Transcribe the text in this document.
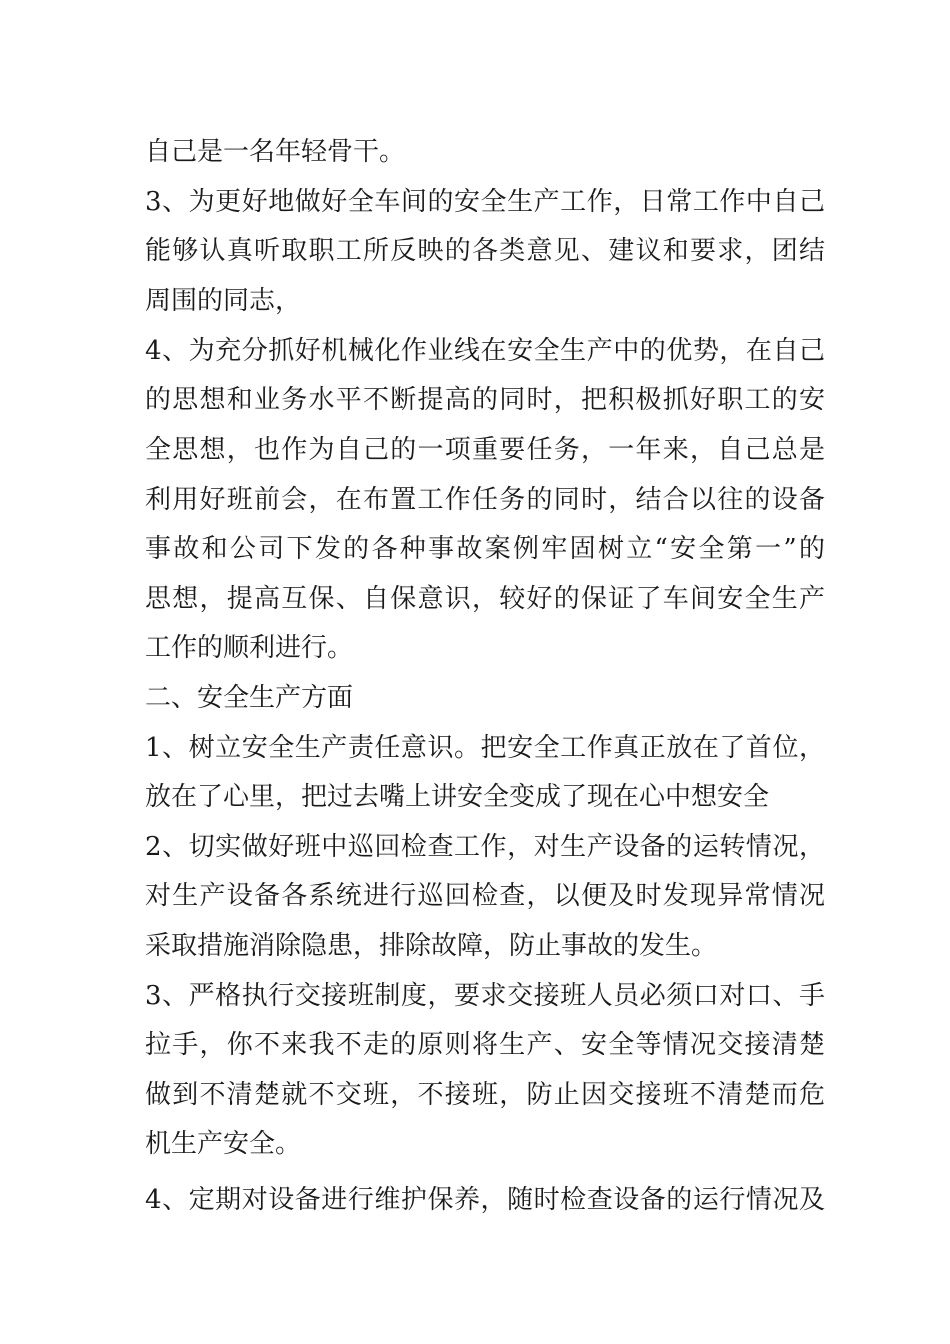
自己是一名年轻骨干。
3、为更好地做好全车间的安全生产工作，日常工作中自己
能够认真听取职工所反映的各类意见、建议和要求，团结
周围的同志，
4、为充分抓好机械化作业线在安全生产中的优势，在自己
的思想和业务水平不断提高的同时，把积极抓好职工的安
全思想，也作为自己的一项重要任务，一年来，自己总是
利用好班前会，在布置工作任务的同时，结合以往的设备
事故和公司下发的各种事故案例牢固树立“安全第一”的
思想，提高互保、自保意识，较好的保证了车间安全生产
工作的顺利进行。
二、安全生产方面
1、树立安全生产责任意识。把安全工作真正放在了首位，
放在了心里，把过去嘴上讲安全变成了现在心中想安全
2、切实做好班中巡回检查工作，对生产设备的运转情况，
对生产设备各系统进行巡回检查，以便及时发现异常情况
采取措施消除隐患，排除故障，防止事故的发生。
3、严格执行交接班制度，要求交接班人员必须口对口、手
拉手，你不来我不走的原则将生产、安全等情况交接清楚
做到不清楚就不交班，不接班，防止因交接班不清楚而危
机生产安全。
4、定期对设备进行维护保养，随时检查设备的运行情况及
